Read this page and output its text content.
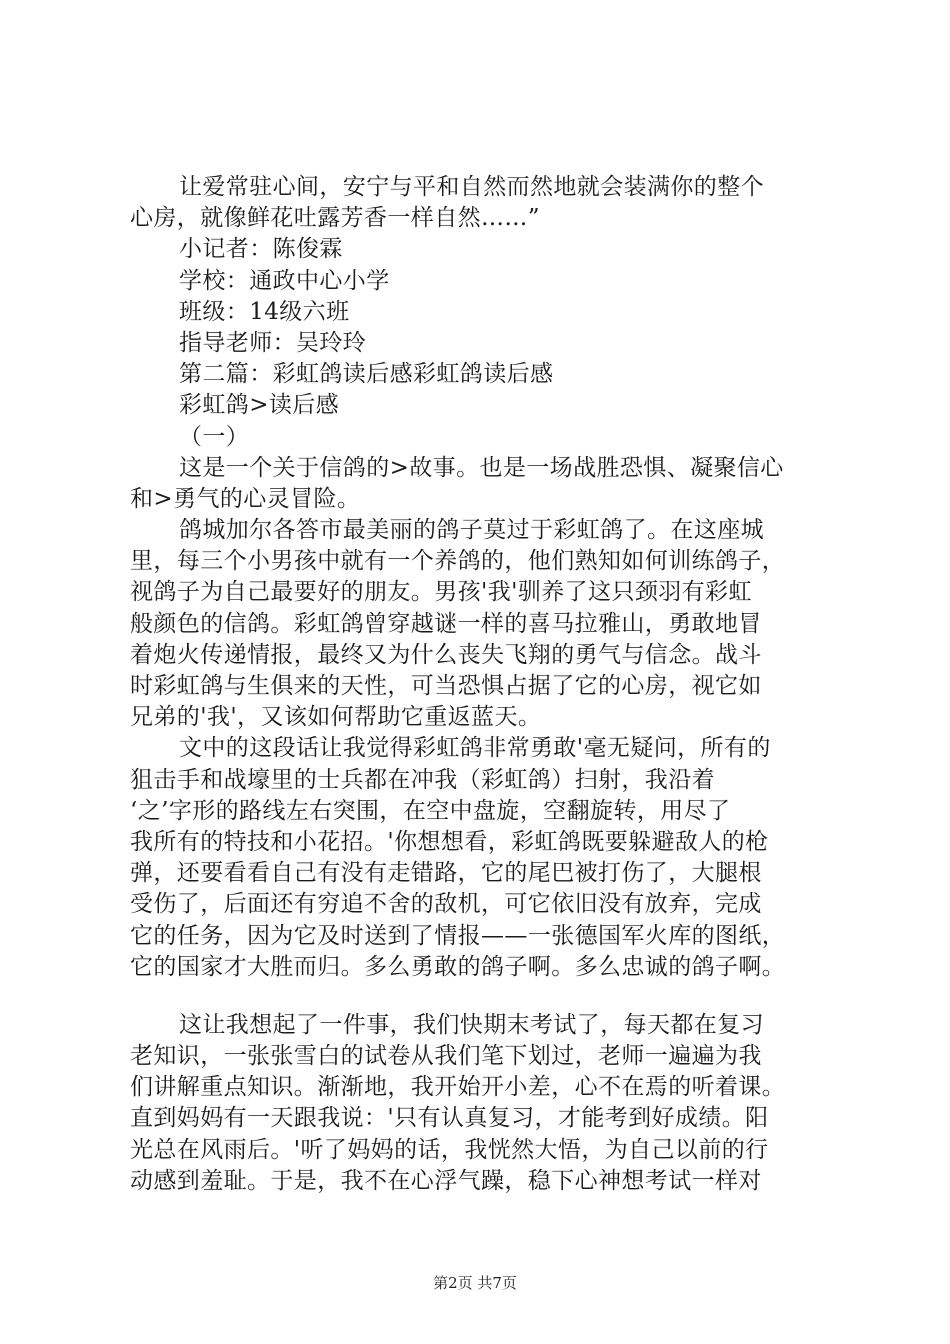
让爱常驻心间，安宁与平和自然而然地就会装满你的整个
心房，就像鲜花吐露芳香一样自然……”
小记者：陈俊霖
学校：通政中心小学
班级：14级六班
指导老师：吴玲玲
第二篇：彩虹鸽读后感彩虹鸽读后感
彩虹鸽>读后感
（一）
这是一个关于信鸽的>故事。也是一场战胜恐惧、凝聚信心
和>勇气的心灵冒险。
鸽城加尔各答市最美丽的鸽子莫过于彩虹鸽了。在这座城
里，每三个小男孩中就有一个养鸽的，他们熟知如何训练鸽子，
视鸽子为自己最要好的朋友。男孩'我'驯养了这只颈羽有彩虹
般颜色的信鸽。彩虹鸽曾穿越谜一样的喜马拉雅山，勇敢地冒
着炮火传递情报，最终又为什么丧失飞翔的勇气与信念。战斗
时彩虹鸽与生俱来的天性，可当恐惧占据了它的心房，视它如
兄弟的'我'，又该如何帮助它重返蓝天。
文中的这段话让我觉得彩虹鸽非常勇敢'毫无疑问，所有的
狙击手和战壕里的士兵都在冲我（彩虹鸽）扫射，我沿着
‘之’字形的路线左右突围，在空中盘旋，空翻旋转，用尽了
我所有的特技和小花招。'你想想看，彩虹鸽既要躲避敌人的枪
弹，还要看看自己有没有走错路，它的尾巴被打伤了，大腿根
受伤了，后面还有穷追不舍的敌机，可它依旧没有放弃，完成
它的任务，因为它及时送到了情报——一张德国军火库的图纸，
它的国家才大胜而归。多么勇敢的鸽子啊。多么忠诚的鸽子啊。
这让我想起了一件事，我们快期末考试了，每天都在复习
老知识，一张张雪白的试卷从我们笔下划过，老师一遍遍为我
们讲解重点知识。渐渐地，我开始开小差，心不在焉的听着课。
直到妈妈有一天跟我说：'只有认真复习，才能考到好成绩。阳
光总在风雨后。'听了妈妈的话，我恍然大悟，为自己以前的行
动感到羞耻。于是，我不在心浮气躁，稳下心神想考试一样对
第2页 共7页
